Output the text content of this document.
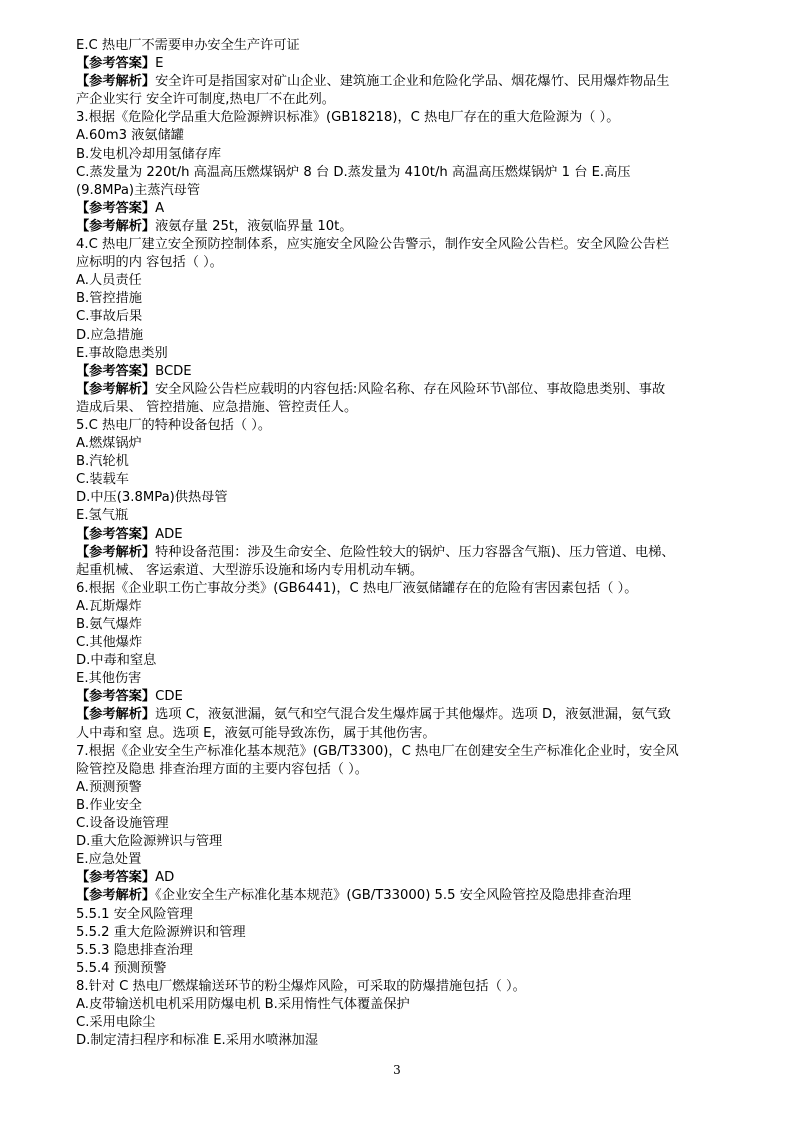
E.C 热电厂不需要申办安全生产许可证

【参考答案】E

【参考解析】安全许可是指国家对矿山企业、建筑施工企业和危险化学品、烟花爆竹、民用爆炸物品生

产企业实行 安全许可制度,热电厂不在此列。

3.根据《危险化学品重大危险源辨识标准》(GB18218)，C 热电厂存在的重大危险源为（ ）。

A.60m3 液氨储罐

B.发电机冷却用氢储存库

C.蒸发量为 220t/h 高温高压燃煤锅炉 8 台 D.蒸发量为 410t/h 高温高压燃煤锅炉 1 台 E.高压

(9.8MPa)主蒸汽母管

【参考答案】A

【参考解析】液氨存量 25t，液氨临界量 10t。

4.C 热电厂建立安全预防控制体系，应实施安全风险公告警示，制作安全风险公告栏。安全风险公告栏

应标明的内 容包括（ ）。

A.人员责任

B.管控措施

C.事故后果

D.应急措施

E.事故隐患类别

【参考答案】BCDE

【参考解析】安全风险公告栏应载明的内容包括:风险名称、存在风险环节\部位、事故隐患类别、事故

造成后果、 管控措施、应急措施、管控责任人。

5.C 热电厂的特种设备包括（ ）。

A.燃煤锅炉

B.汽轮机

C.装载车

D.中压(3.8MPa)供热母管

E.氢气瓶

【参考答案】ADE

【参考解析】特种设备范围：涉及生命安全、危险性较大的锅炉、压力容器含气瓶)、压力管道、电梯、

起重机械、 客运索道、大型游乐设施和场内专用机动车辆。

6.根据《企业职工伤亡事故分类》(GB6441)，C 热电厂液氨储罐存在的危险有害因素包括（ ）。

A.瓦斯爆炸

B.氨气爆炸

C.其他爆炸

D.中毒和窒息

E.其他伤害

【参考答案】CDE

【参考解析】选项 C，液氨泄漏，氨气和空气混合发生爆炸属于其他爆炸。选项 D，液氨泄漏，氨气致

人中毒和窒 息。选项 E，液氨可能导致冻伤，属于其他伤害。

7.根据《企业安全生产标准化基本规范》(GB/T3300)，C 热电厂在创建安全生产标准化企业时，安全风

险管控及隐患 排查治理方面的主要内容包括（ ）。

A.预测预警

B.作业安全

C.设备设施管理

D.重大危险源辨识与管理

E.应急处置

【参考答案】AD

【参考解析】《企业安全生产标准化基本规范》(GB/T33000) 5.5 安全风险管控及隐患排查治理

5.5.1 安全风险管理

5.5.2 重大危险源辨识和管理

5.5.3 隐患排查治理

5.5.4 预测预警

8.针对 C 热电厂燃煤输送环节的粉尘爆炸风险，可采取的防爆措施包括（ ）。

A.皮带输送机电机采用防爆电机 B.采用惰性气体覆盖保护

C.采用电除尘

D.制定清扫程序和标准 E.采用水喷淋加湿

3
